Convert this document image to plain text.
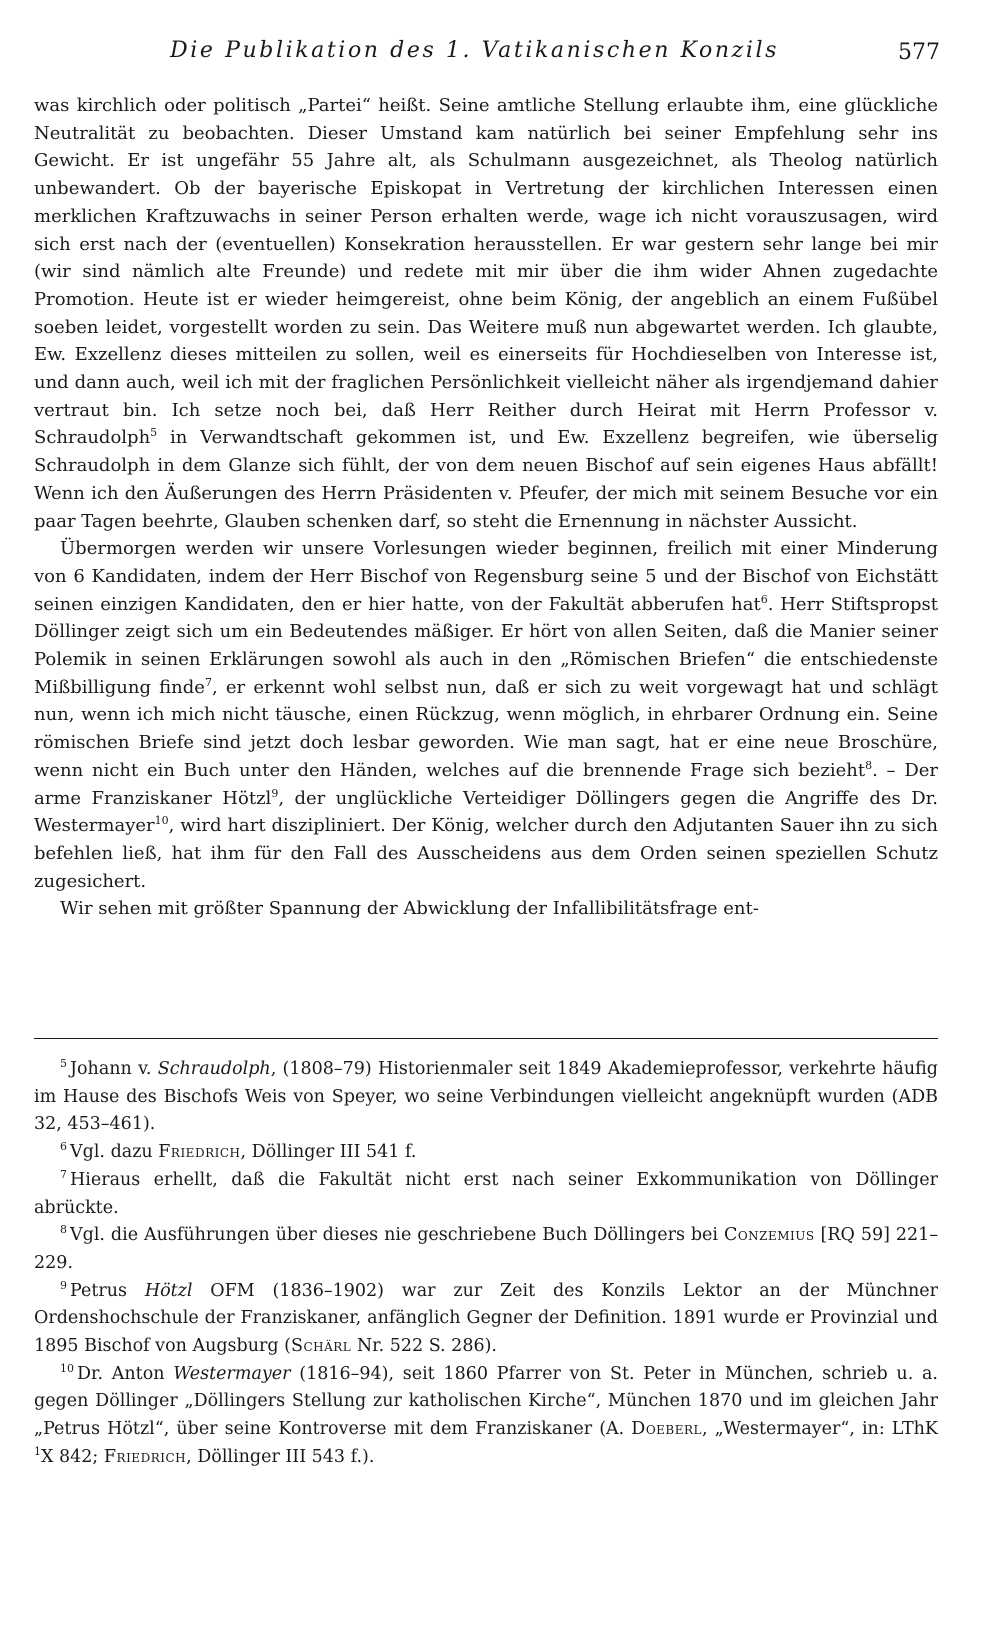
Die Publikation des 1. Vatikanischen Konzils	577

was kirchlich oder politisch „Partei“ heißt. Seine amtliche Stellung erlaubte ihm, eine glückliche Neutralität zu beobachten. Dieser Umstand kam natürlich bei seiner Empfehlung sehr ins Gewicht. Er ist ungefähr 55 Jahre alt, als Schulmann ausgezeichnet, als Theolog natürlich unbewandert. Ob der bayerische Episkopat in Vertretung der kirchlichen Interessen einen merklichen Kraftzuwachs in seiner Person erhalten werde, wage ich nicht vorauszusagen, wird sich erst nach der (eventuellen) Konsekration herausstellen. Er war gestern sehr lange bei mir (wir sind nämlich alte Freunde) und redete mit mir über die ihm wider Ahnen zugedachte Promotion. Heute ist er wieder heimgereist, ohne beim König, der angeblich an einem Fußübel soeben leidet, vorgestellt worden zu sein. Das Weitere muß nun abgewartet werden. Ich glaubte, Ew. Exzellenz dieses mitteilen zu sollen, weil es einerseits für Hochdieselben von Interesse ist, und dann auch, weil ich mit der fraglichen Persönlichkeit vielleicht näher als irgendjemand dahier vertraut bin. Ich setze noch bei, daß Herr Reither durch Heirat mit Herrn Professor v. Schraudolph$^5$ in Verwandtschaft gekommen ist, und Ew. Exzellenz begreifen, wie überselig Schraudolph in dem Glanze sich fühlt, der von dem neuen Bischof auf sein eigenes Haus abfällt! Wenn ich den Äußerungen des Herrn Präsidenten v. Pfeufer, der mich mit seinem Besuche vor ein paar Tagen beehrte, Glauben schenken darf, so steht die Ernennung in nächster Aussicht.

Übermorgen werden wir unsere Vorlesungen wieder beginnen, freilich mit einer Minderung von 6 Kandidaten, indem der Herr Bischof von Regensburg seine 5 und der Bischof von Eichstätt seinen einzigen Kandidaten, den er hier hatte, von der Fakultät abberufen hat$^6$. Herr Stiftspropst Döllinger zeigt sich um ein Bedeutendes mäßiger. Er hört von allen Seiten, daß die Manier seiner Polemik in seinen Erklärungen sowohl als auch in den „Römischen Briefen“ die entschiedenste Mißbilligung finde$^7$, er erkennt wohl selbst nun, daß er sich zu weit vorgewagt hat und schlägt nun, wenn ich mich nicht täusche, einen Rückzug, wenn möglich, in ehrbarer Ordnung ein. Seine römischen Briefe sind jetzt doch lesbar geworden. Wie man sagt, hat er eine neue Broschüre, wenn nicht ein Buch unter den Händen, welches auf die brennende Frage sich bezieht$^8$. – Der arme Franziskaner Hötzl$^9$, der unglückliche Verteidiger Döllingers gegen die Angriffe des Dr. Westermayer$^{10}$, wird hart diszipliniert. Der König, welcher durch den Adjutanten Sauer ihn zu sich befehlen ließ, hat ihm für den Fall des Ausscheidens aus dem Orden seinen speziellen Schutz zugesichert.

Wir sehen mit größter Spannung der Abwicklung der Infallibilitätsfrage ent-

$^5$ Johann v. Schraudolph, (1808–79) Historienmaler seit 1849 Akademieprofessor, verkehrte häufig im Hause des Bischofs Weis von Speyer, wo seine Verbindungen vielleicht angeknüpft wurden (ADB 32, 453–461).

$^6$ Vgl. dazu Friedrich, Döllinger III 541 f.

$^7$ Hieraus erhellt, daß die Fakultät nicht erst nach seiner Exkommunikation von Döllinger abrückte.

$^8$ Vgl. die Ausführungen über dieses nie geschriebene Buch Döllingers bei Conzemius [RQ 59] 221–229.

$^9$ Petrus Hötzl OFM (1836–1902) war zur Zeit des Konzils Lektor an der Münchner Ordenshochschule der Franziskaner, anfänglich Gegner der Definition. 1891 wurde er Provinzial und 1895 Bischof von Augsburg (Schärl Nr. 522 S. 286).

$^{10}$ Dr. Anton Westermayer (1816–94), seit 1860 Pfarrer von St. Peter in München, schrieb u. a. gegen Döllinger „Döllingers Stellung zur katholischen Kirche“, München 1870 und im gleichen Jahr „Petrus Hötzl“, über seine Kontroverse mit dem Franziskaner (A. Doeberl, „Westermayer“, in: LThK $^1$X 842; Friedrich, Döllinger III 543 f.).
